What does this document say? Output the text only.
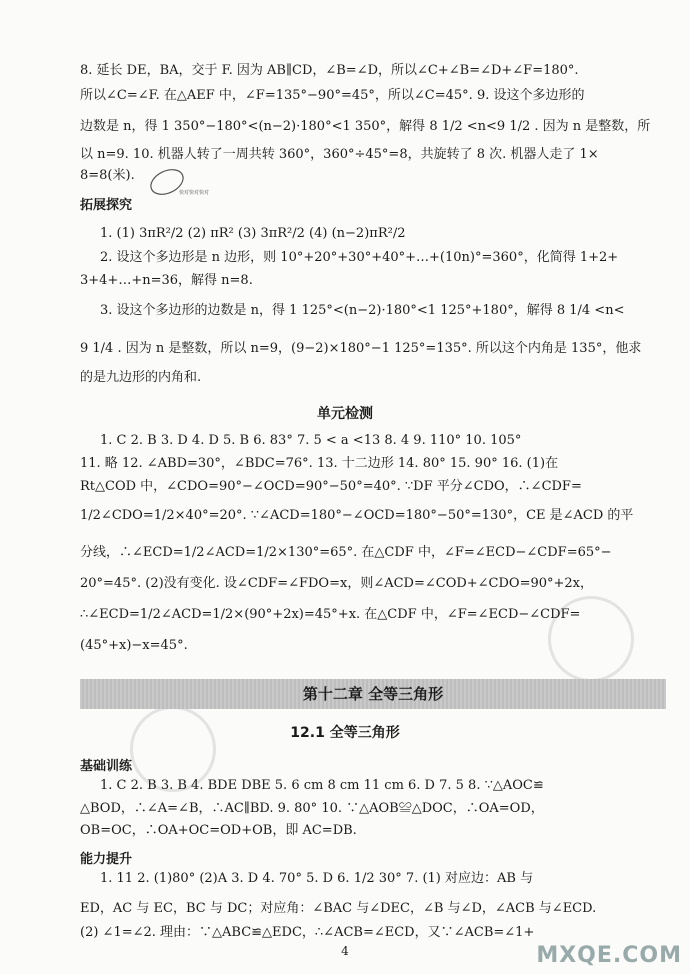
8. 延长 DE，BA，交于 F. 因为 AB∥CD，∠B=∠D，所以∠C+∠B=∠D+∠F=180°.
所以∠C=∠F. 在△AEF 中，∠F=135°−90°=45°，所以∠C=45°. 9. 设这个多边形的
边数是 n，得 1 350°−180°<(n−2)·180°<1 350°，解得 8 1/2 <n<9 1/2 . 因为 n 是整数，所
以 n=9. 10. 机器人转了一周共转 360°，360°÷45°=8，共旋转了 8 次. 机器人走了 1×
8=8(米).
快对快对快对
拓展探究
1. (1) 3πR²/2 (2) πR² (3) 3πR²/2 (4) (n−2)πR²/2
2. 设这个多边形是 n 边形，则 10°+20°+30°+40°+…+(10n)°=360°，化简得 1+2+
3+4+…+n=36，解得 n=8.
3. 设这个多边形的边数是 n，得 1 125°<(n−2)·180°<1 125°+180°，解得 8 1/4 <n<
9 1/4 . 因为 n 是整数，所以 n=9，(9−2)×180°−1 125°=135°. 所以这个内角是 135°，他求
的是九边形的内角和.
单元检测
1. C 2. B 3. D 4. D 5. B 6. 83° 7. 5 < a <13 8. 4 9. 110° 10. 105°
11. 略 12. ∠ABD=30°，∠BDC=76°. 13. 十二边形 14. 80° 15. 90° 16. (1)在
Rt△COD 中，∠CDO=90°−∠OCD=90°−50°=40°. ∵DF 平分∠CDO，∴∠CDF=
1/2∠CDO=1/2×40°=20°. ∵∠ACD=180°−∠OCD=180°−50°=130°，CE 是∠ACD 的平
分线，∴∠ECD=1/2∠ACD=1/2×130°=65°. 在△CDF 中，∠F=∠ECD−∠CDF=65°−
20°=45°. (2)没有变化. 设∠CDF=∠FDO=x，则∠ACD=∠COD+∠CDO=90°+2x，
∴∠ECD=1/2∠ACD=1/2×(90°+2x)=45°+x. 在△CDF 中，∠F=∠ECD−∠CDF=
(45°+x)−x=45°.
第十二章 全等三角形
12.1 全等三角形
基础训练
1. C 2. B 3. B 4. BDE DBE 5. 6 cm 8 cm 11 cm 6. D 7. 5 8. ∵△AOC≌
△BOD，∴∠A=∠B，∴AC∥BD. 9. 80° 10. ∵△AOB≌△DOC，∴OA=OD，
OB=OC，∴OA+OC=OD+OB，即 AC=DB.
能力提升
1. 11 2. (1)80° (2)A 3. D 4. 70° 5. D 6. 1/2 30° 7. (1) 对应边：AB 与
ED，AC 与 EC，BC 与 DC；对应角：∠BAC 与∠DEC，∠B 与∠D，∠ACB 与∠ECD.
(2) ∠1=∠2. 理由：∵△ABC≌△EDC，∴∠ACB=∠ECD，又∵∠ACB=∠1+
4	MXQE.COM
